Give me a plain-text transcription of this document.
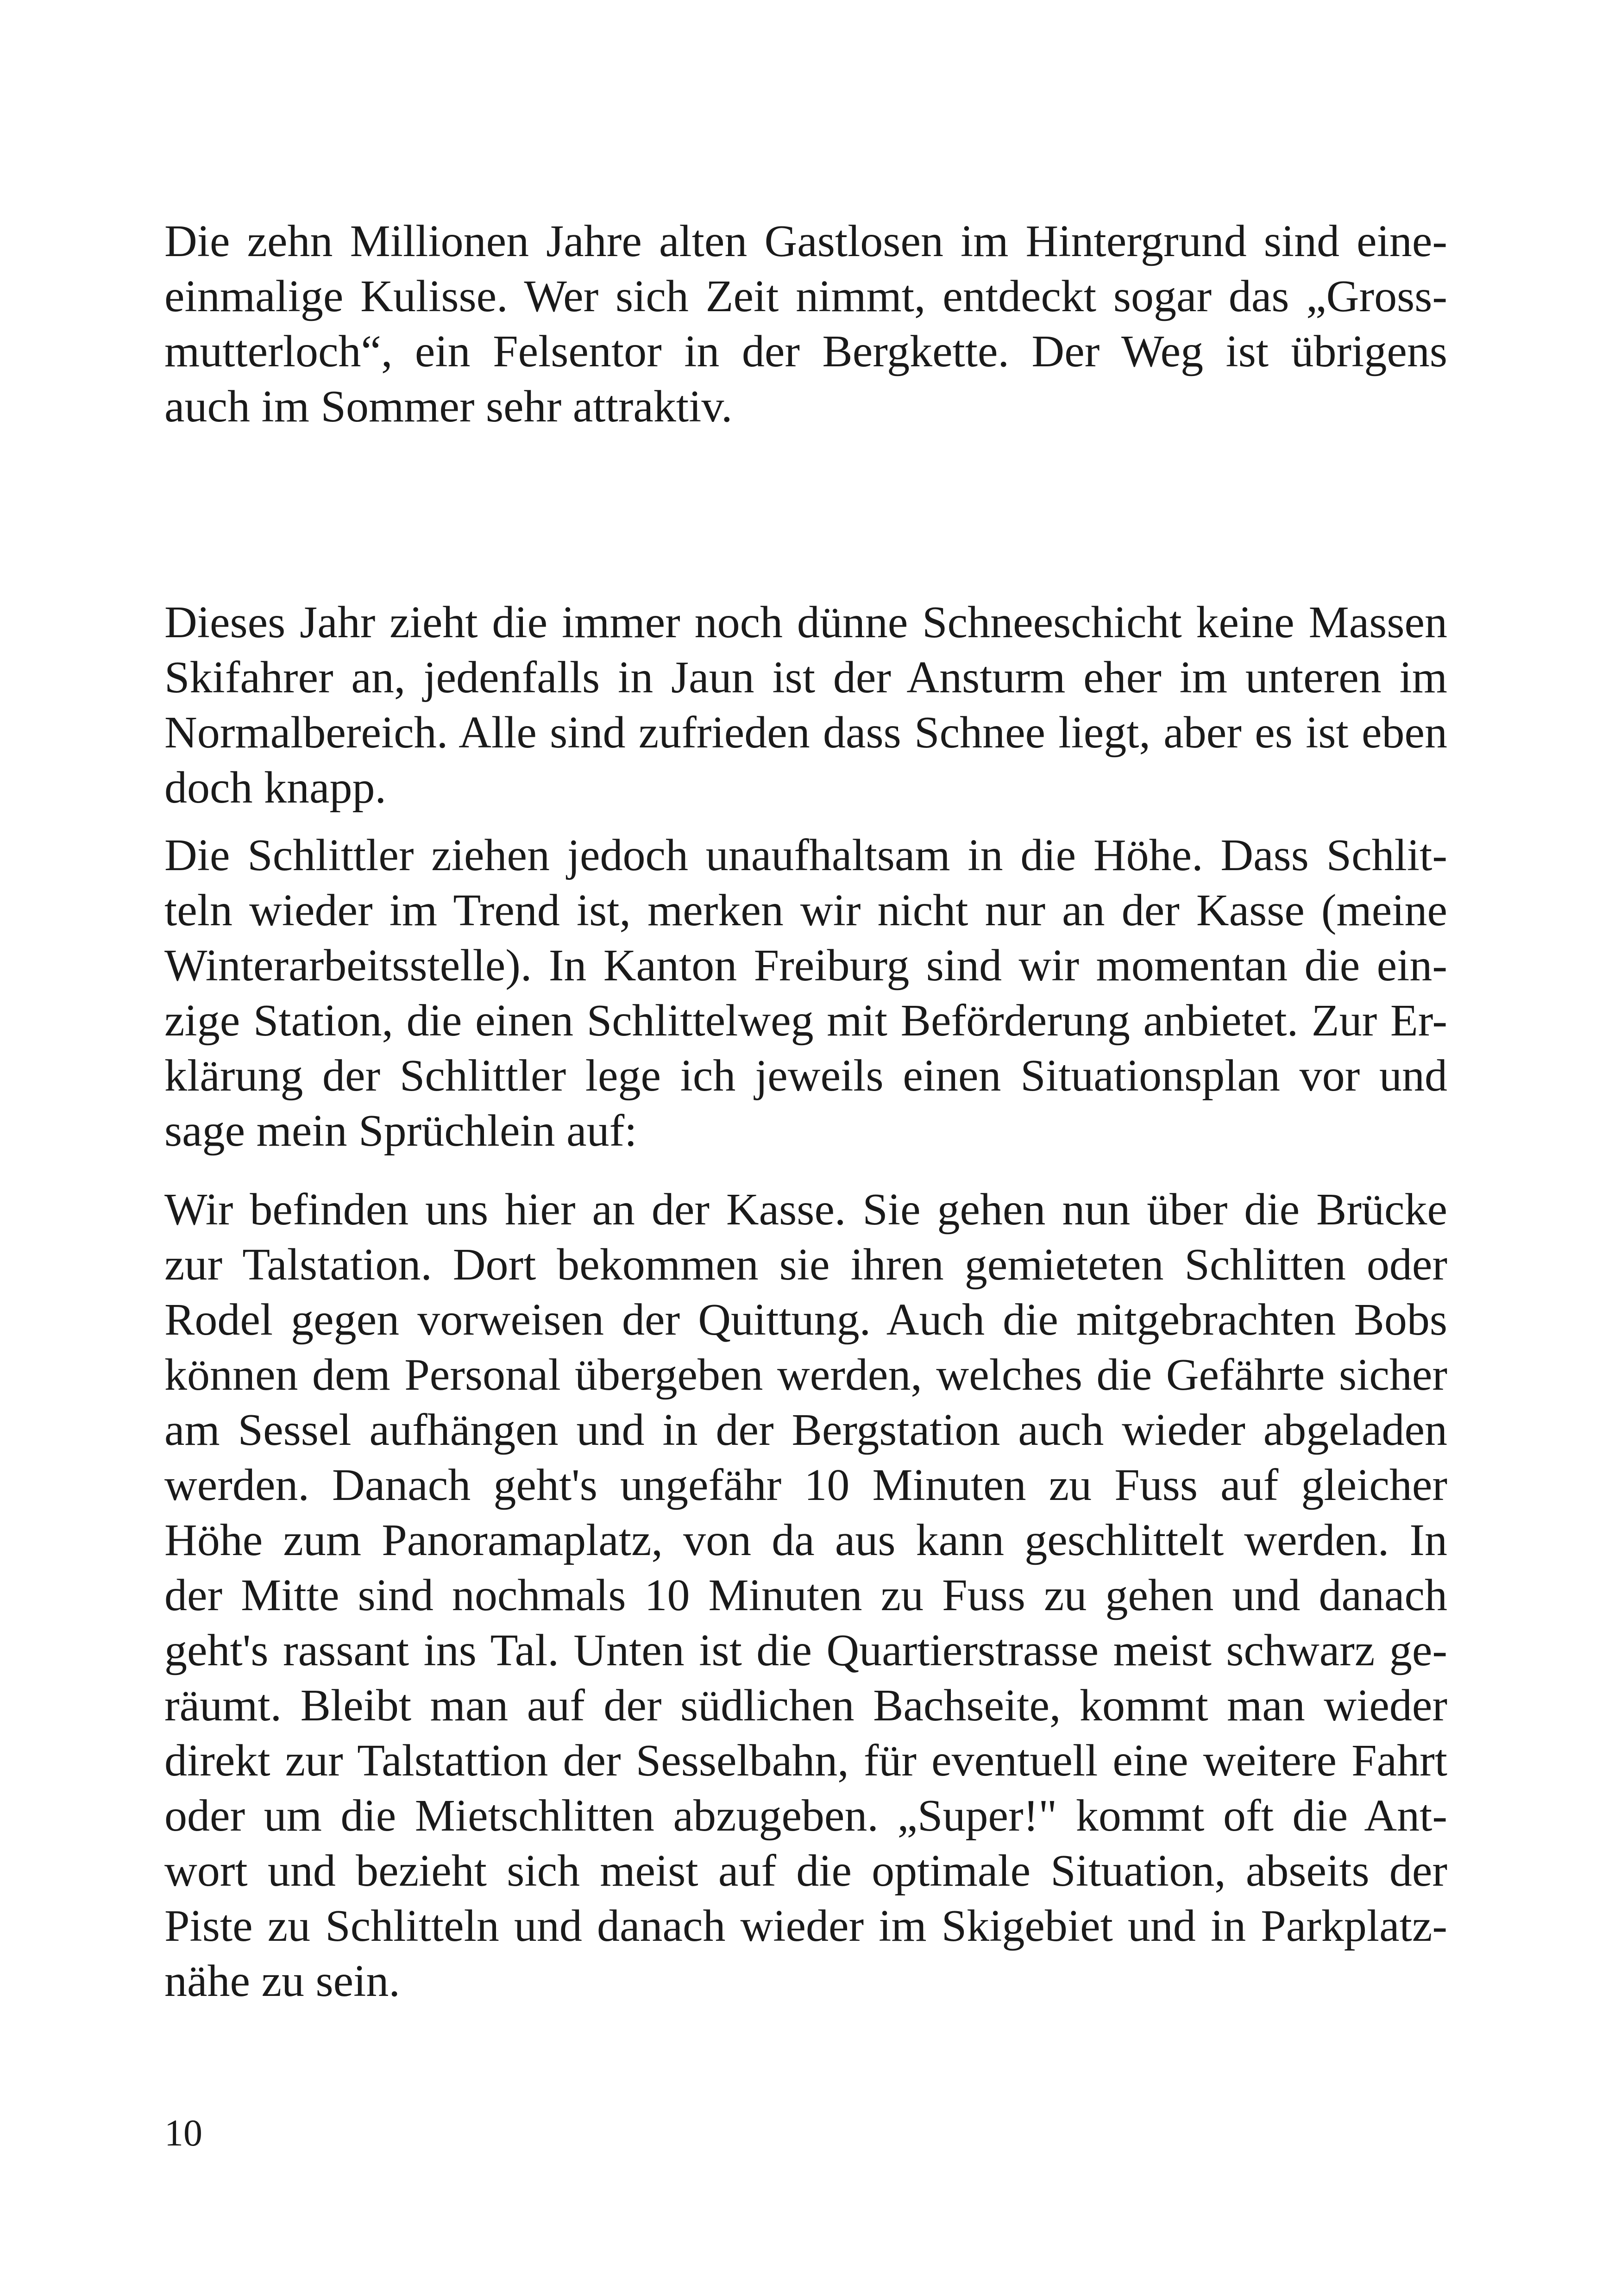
Die zehn Millionen Jahre alten Gastlosen im Hintergrund sind eine-
einmalige Kulisse. Wer sich Zeit nimmt, entdeckt sogar das „Gross-
mutterloch“, ein Felsentor in der Bergkette. Der Weg ist übrigens
auch im Sommer sehr attraktiv.
Dieses Jahr zieht die immer noch dünne Schneeschicht keine Massen
Skifahrer an, jedenfalls in Jaun ist der Ansturm eher im unteren im
Normalbereich. Alle sind zufrieden dass Schnee liegt, aber es ist eben
doch knapp.
Die Schlittler ziehen jedoch unaufhaltsam in die Höhe. Dass Schlit-
teln wieder im Trend ist, merken wir nicht nur an der Kasse (meine
Winterarbeitsstelle). In Kanton Freiburg sind wir momentan die ein-
zige Station, die einen Schlittelweg mit Beförderung anbietet. Zur Er-
klärung der Schlittler lege ich jeweils einen Situationsplan vor und
sage mein Sprüchlein auf:
Wir befinden uns hier an der Kasse. Sie gehen nun über die Brücke
zur Talstation. Dort bekommen sie ihren gemieteten Schlitten oder
Rodel gegen vorweisen der Quittung. Auch die mitgebrachten Bobs
können dem Personal übergeben werden, welches die Gefährte sicher
am Sessel aufhängen und in der Bergstation auch wieder abgeladen
werden. Danach geht's ungefähr 10 Minuten zu Fuss auf gleicher
Höhe zum Panoramaplatz, von da aus kann geschlittelt werden. In
der Mitte sind nochmals 10 Minuten zu Fuss zu gehen und danach
geht's rassant ins Tal. Unten ist die Quartierstrasse meist schwarz ge-
räumt. Bleibt man auf der südlichen Bachseite, kommt man wieder
direkt zur Talstattion der Sesselbahn, für eventuell eine weitere Fahrt
oder um die Mietschlitten abzugeben. „Super!" kommt oft die Ant-
wort und bezieht sich meist auf die optimale Situation, abseits der
Piste zu Schlitteln und danach wieder im Skigebiet und in Parkplatz-
nähe zu sein.
10
